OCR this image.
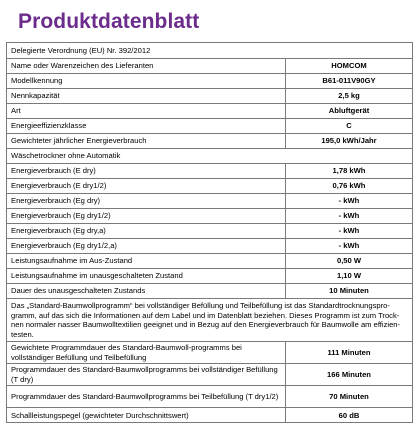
Produktdatenblatt
Delegierte Verordnung (EU) Nr. 392/2012	
Name oder Warenzeichen des Lieferanten	HOMCOM
Modellkennung	B61-011V90GY
Nennkapazität	2,5 kg
Art	Abluftgerät
Energieeffizienzklasse	C
Gewichteter jährlicher Energieverbrauch	195,0 kWh/Jahr
Wäschetrockner ohne Automatik	
Energieverbrauch (E dry)	1,78 kWh
Energieverbrauch (E dry1/2)	0,76 kWh
Energieverbrauch (Eg dry)	- kWh
Energieverbrauch (Eg dry1/2)	- kWh
Energieverbrauch (Eg dry,a)	- kWh
Energieverbrauch (Eg dry1/2,a)	- kWh
Leistungsaufnahme im Aus-Zustand	0,50 W
Leistungsaufnahme im unausgeschalteten Zustand	1,10 W
Dauer des unausgeschalteten Zustands	10 Minuten
Das „Standard-Baumwollprogramm“ bei vollständiger Befüllung und Teilbefüllung ist das Standardtrocknungspro-gramm, auf das sich die Informationen auf dem Label und im Datenblatt beziehen. Dieses Programm ist zum Trock-nen normaler nasser Baumwolltextilien geeignet und in Bezug auf den Energieverbrauch für Baumwolle am effizien-testen.	
Gewichtete Programmdauer des Standard-Baumwoll-programms bei vollständiger Befüllung und Teilbefüllung	111 Minuten
Programmdauer des Standard-Baumwollprogramms bei vollständiger Befüllung (T dry)	166 Minuten
Programmdauer des Standard-Baumwollprogramms bei Teilbefüllung (T dry1/2)	70 Minuten
Schallleistungspegel (gewichteter Durchschnittswert)	60 dB
